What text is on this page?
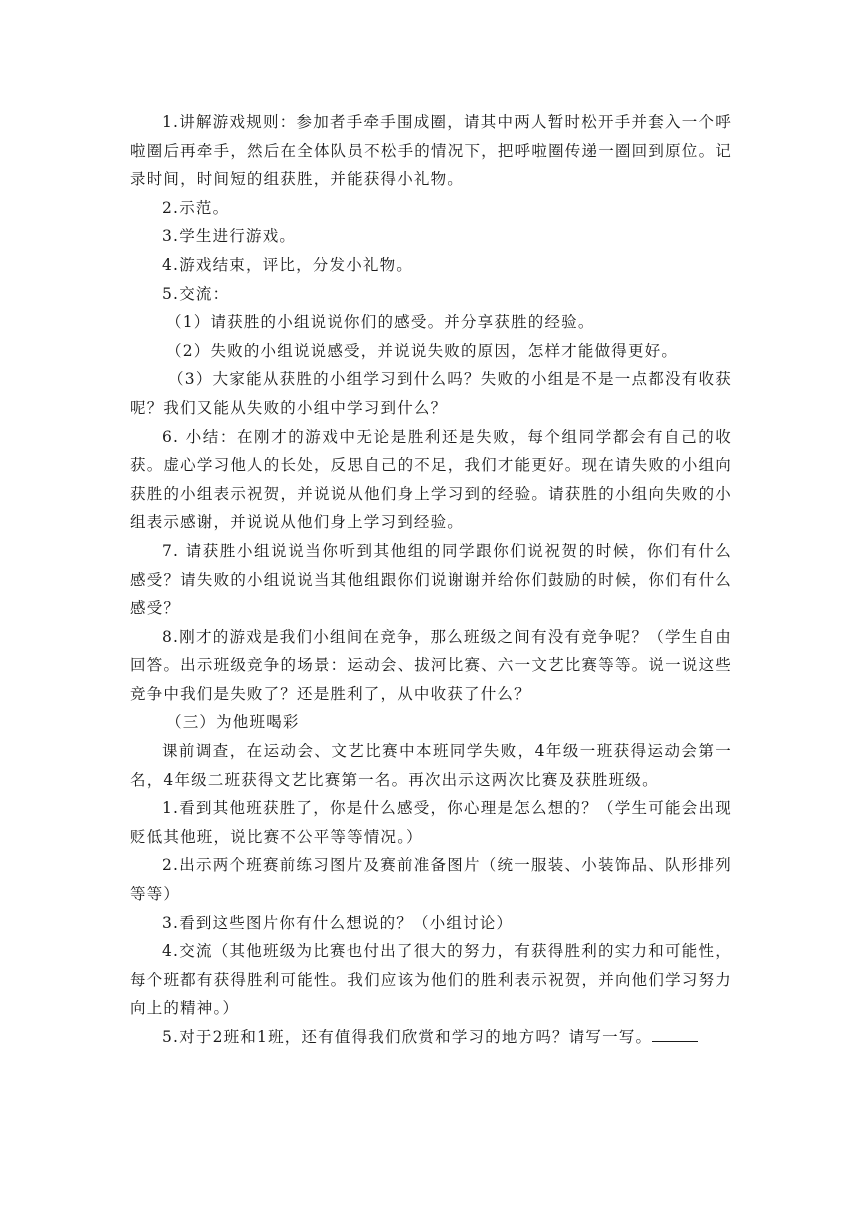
1.讲解游戏规则：参加者手牵手围成圈，请其中两人暂时松开手并套入一个呼啦圈后再牵手，然后在全体队员不松手的情况下，把呼啦圈传递一圈回到原位。记录时间，时间短的组获胜，并能获得小礼物。

2.示范。

3.学生进行游戏。

4.游戏结束，评比，分发小礼物。

5.交流：

（1）请获胜的小组说说你们的感受。并分享获胜的经验。

（2）失败的小组说说感受，并说说失败的原因，怎样才能做得更好。

（3）大家能从获胜的小组学习到什么吗？失败的小组是不是一点都没有收获呢？我们又能从失败的小组中学习到什么？

6. 小结：在刚才的游戏中无论是胜利还是失败，每个组同学都会有自己的收获。虚心学习他人的长处，反思自己的不足，我们才能更好。现在请失败的小组向获胜的小组表示祝贺，并说说从他们身上学习到的经验。请获胜的小组向失败的小组表示感谢，并说说从他们身上学习到经验。

7. 请获胜小组说说当你听到其他组的同学跟你们说祝贺的时候，你们有什么感受？请失败的小组说说当其他组跟你们说谢谢并给你们鼓励的时候，你们有什么感受？

8.刚才的游戏是我们小组间在竞争，那么班级之间有没有竞争呢？（学生自由回答。出示班级竞争的场景：运动会、拔河比赛、六一文艺比赛等等。说一说这些竞争中我们是失败了？还是胜利了，从中收获了什么？

（三）为他班喝彩

课前调查，在运动会、文艺比赛中本班同学失败，4年级一班获得运动会第一名，4年级二班获得文艺比赛第一名。再次出示这两次比赛及获胜班级。

1.看到其他班获胜了，你是什么感受，你心理是怎么想的？（学生可能会出现贬低其他班，说比赛不公平等等情况。）

2.出示两个班赛前练习图片及赛前准备图片（统一服装、小装饰品、队形排列等等）

3.看到这些图片你有什么想说的？（小组讨论）

4.交流（其他班级为比赛也付出了很大的努力，有获得胜利的实力和可能性，每个班都有获得胜利可能性。我们应该为他们的胜利表示祝贺，并向他们学习努力向上的精神。）

5.对于2班和1班，还有值得我们欣赏和学习的地方吗？请写一写。
